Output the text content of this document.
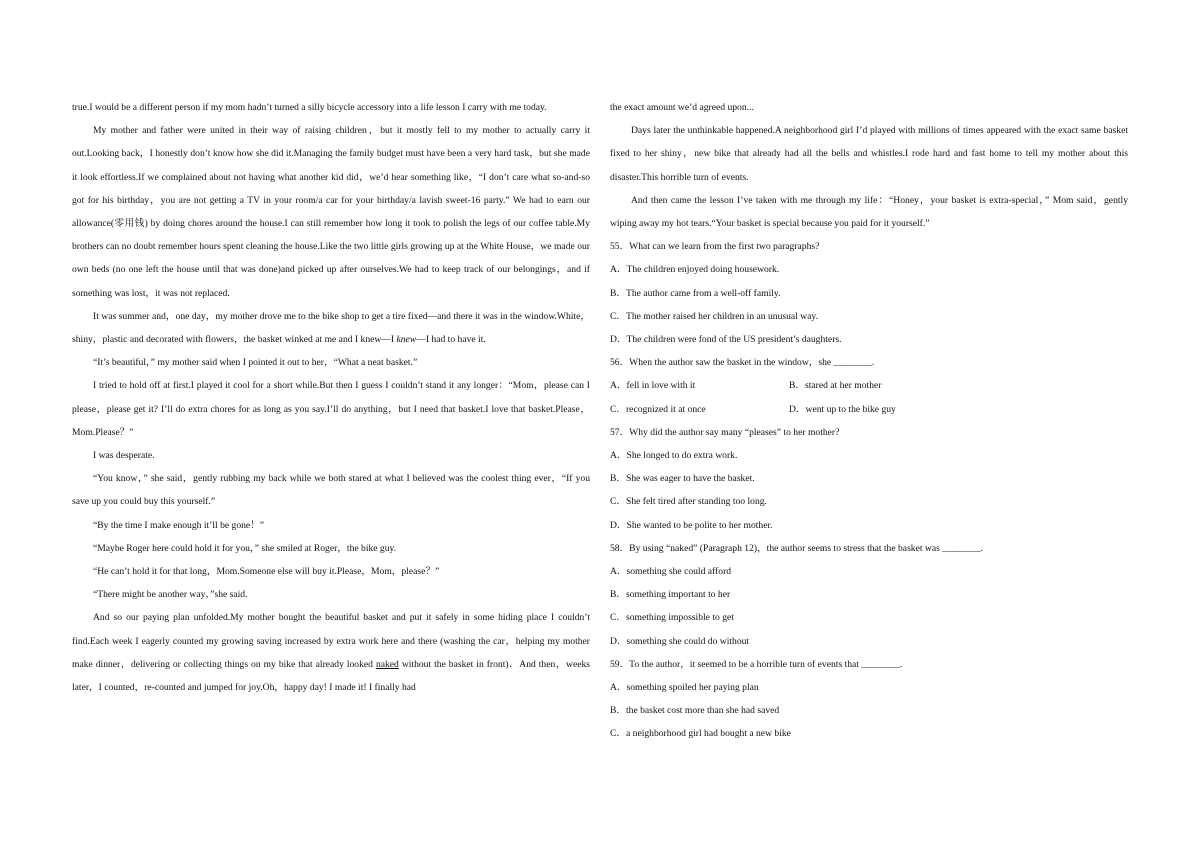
true.I would be a different person if my mom hadn’t turned a silly bicycle accessory into a life lesson I carry with me today.

My mother and father were united in their way of raising children，but it mostly fell to my mother to actually carry it out.Looking back，I honestly don’t know how she did it.Managing the family budget must have been a very hard task，but she made it look effortless.If we complained about not having what another kid did，we’d hear something like，“I don’t care what so-and-so got for his birthday，you are not getting a TV in your room/a car for your birthday/a lavish sweet-16 party.” We had to earn our allowance(零用钱) by doing chores around the house.I can still remember how long it took to polish the legs of our coffee table.My brothers can no doubt remember hours spent cleaning the house.Like the two little girls growing up at the White House，we made our own beds (no one left the house until that was done)and picked up after ourselves.We had to keep track of our belongings，and if something was lost，it was not replaced.

It was summer and，one day，my mother drove me to the bike shop to get a tire fixed—and there it was in the window.White，shiny，plastic and decorated with flowers，the basket winked at me and I knew—I knew—I had to have it.

“It’s beautiful，” my mother said when I pointed it out to her，“What a neat basket.”

I tried to hold off at first.I played it cool for a short while.But then I guess I couldn’t stand it any longer：“Mom，please can I please，please get it? I’ll do extra chores for as long as you say.I’ll do anything，but I need that basket.I love that basket.Please，Mom.Please？”

I was desperate.

“You know，” she said，gently rubbing my back while we both stared at what I believed was the coolest thing ever，“If you save up you could buy this yourself.”

“By the time I make enough it’ll be gone！”

“Maybe Roger here could hold it for you，” she smiled at Roger，the bike guy.

“He can’t hold it for that long，Mom.Someone else will buy it.Please，Mom，please？”

“There might be another way，”she said.

And so our paying plan unfolded.My mother bought the beautiful basket and put it safely in some hiding place I couldn’t find.Each week I eagerly counted my growing saving increased by extra work here and there (washing the car，helping my mother make dinner，delivering or collecting things on my bike that already looked naked without the basket in front)．And then，weeks later，I counted，re-counted and jumped for joy.Oh，happy day! I made it! I finally had

the exact amount we’d agreed upon...

Days later the unthinkable happened.A neighborhood girl I’d played with millions of times appeared with the exact same basket fixed to her shiny，new bike that already had all the bells and whistles.I rode hard and fast home to tell my mother about this disaster.This horrible turn of events.

And then came the lesson I’ve taken with me through my life：“Honey，your basket is extra-special，” Mom said，gently wiping away my hot tears.“Your basket is special because you paid for it yourself.”

55．What can we learn from the first two paragraphs?

A．The children enjoyed doing housework.

B．The author came from a well-off family.

C．The mother raised her children in an unusual way.

D．The children were fond of the US president’s daughters.

56．When the author saw the basket in the window，she ________.

A．fell in love with it	B．stared at her mother
C．recognized it at once	D．went up to the bike guy

57．Why did the author say many “pleases” to her mother?

A．She longed to do extra work.

B．She was eager to have the basket.

C．She felt tired after standing too long.

D．She wanted to be polite to her mother.

58．By using “naked” (Paragraph 12)，the author seems to stress that the basket was ________.

A．something she could afford

B．something important to her

C．something impossible to get

D．something she could do without

59．To the author，it seemed to be a horrible turn of events that ________.

A．something spoiled her paying plan

B．the basket cost more than she had saved

C．a neighborhood girl had bought a new bike
